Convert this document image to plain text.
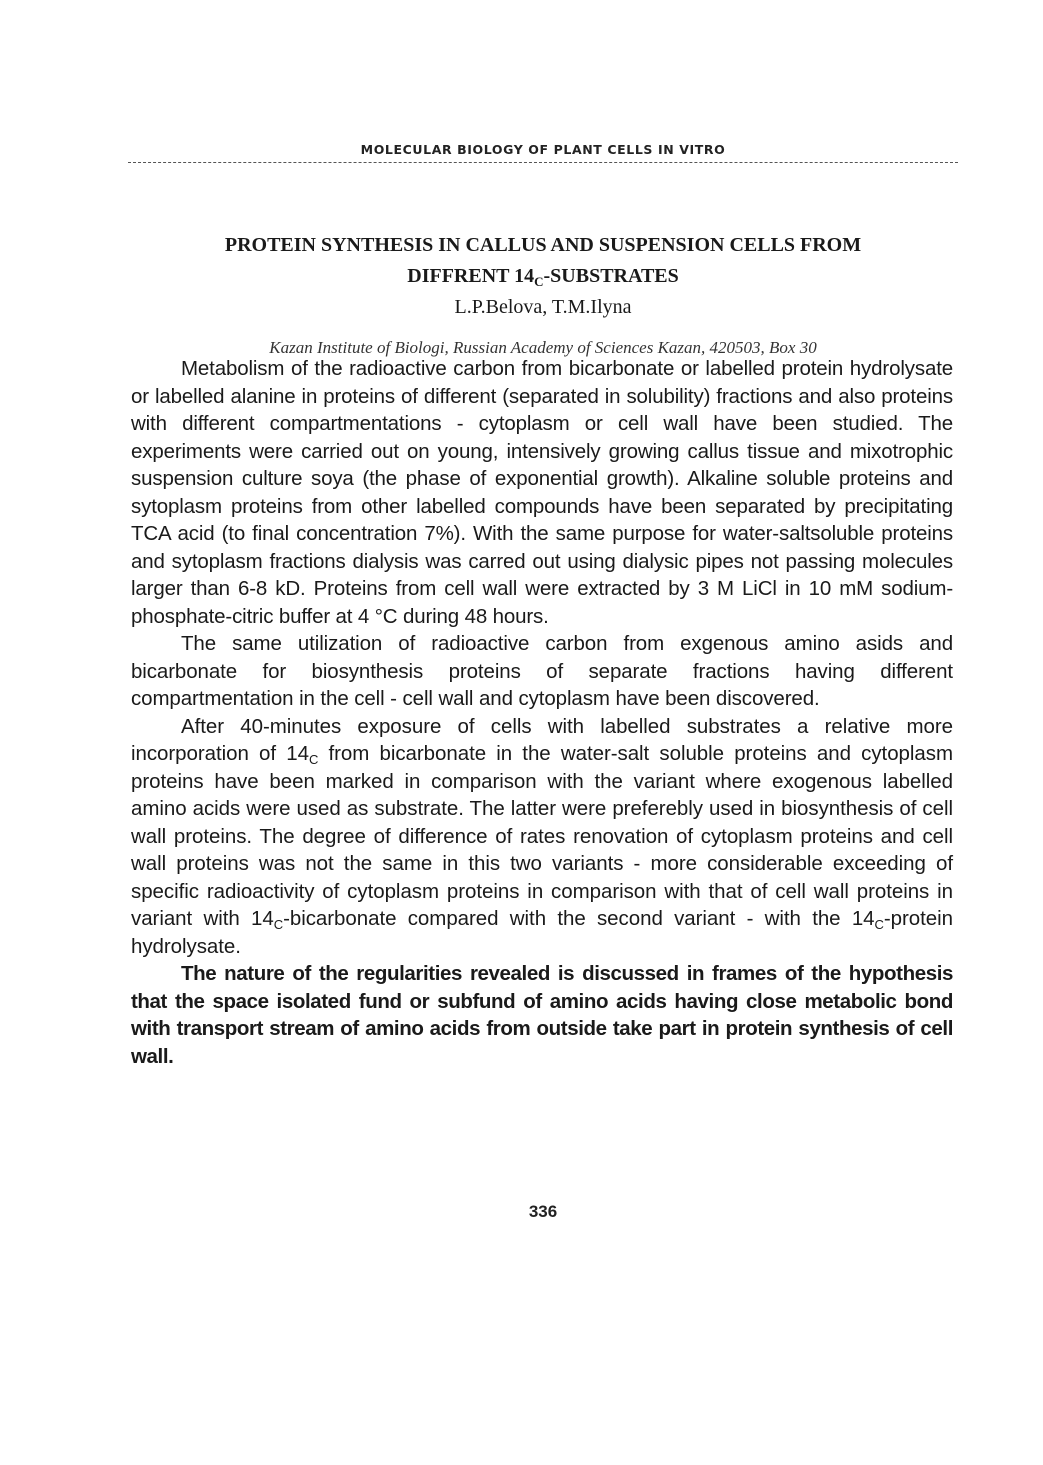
MOLECULAR BIOLOGY OF PLANT CELLS IN VITRO
PROTEIN SYNTHESIS IN CALLUS AND SUSPENSION CELLS FROM
DIFFRENT $14_C$-SUBSTRATES
L.P.Belova, T.M.Ilyna
Kazan Institute of Biologi, Russian Academy of Sciences Kazan, 420503, Box 30

Metabolism of the radioactive carbon from bicarbonate or labelled protein hydrolysate or labelled alanine in proteins of different (separated in solubility) fractions and also proteins with different compartmentations - cytoplasm or cell wall have been studied. The experiments were carried out on young, intensively growing callus tissue and mixotrophic suspension culture soya (the phase of exponential growth). Alkaline soluble proteins and sytoplasm proteins from other labelled compounds have been separated by precipitating TCA acid (to final concentration 7%). With the same purpose for water-saltsoluble proteins and sytoplasm fractions dialysis was carred out using dialysic pipes not passing molecules larger than 6-8 kD. Proteins from cell wall were extracted by 3 M LiCl in 10 mM sodium-phosphate-citric buffer at 4 °C during 48 hours.

The same utilization of radioactive carbon from exgenous amino asids and bicarbonate for biosynthesis proteins of separate fractions having different compartmentation in the cell - cell wall and cytoplasm have been discovered.

After 40-minutes exposure of cells with labelled substrates a relative more incorporation of $14_C$ from bicarbonate in the water-salt soluble proteins and cytoplasm proteins have been marked in comparison with the variant where exogenous labelled amino acids were used as substrate. The latter were preferebly used in biosynthesis of cell wall proteins. The degree of difference of rates renovation of cytoplasm proteins and cell wall proteins was not the same in this two variants - more considerable exceeding of specific radioactivity of cytoplasm proteins in comparison with that of cell wall proteins in variant with $14_C$-bicarbonate compared with the second variant - with the $14_C$-protein hydrolysate.

The nature of the regularities revealed is discussed in frames of the hypothesis that the space isolated fund or subfund of amino acids having close metabolic bond with transport stream of amino acids from outside take part in protein synthesis of cell wall.

336
